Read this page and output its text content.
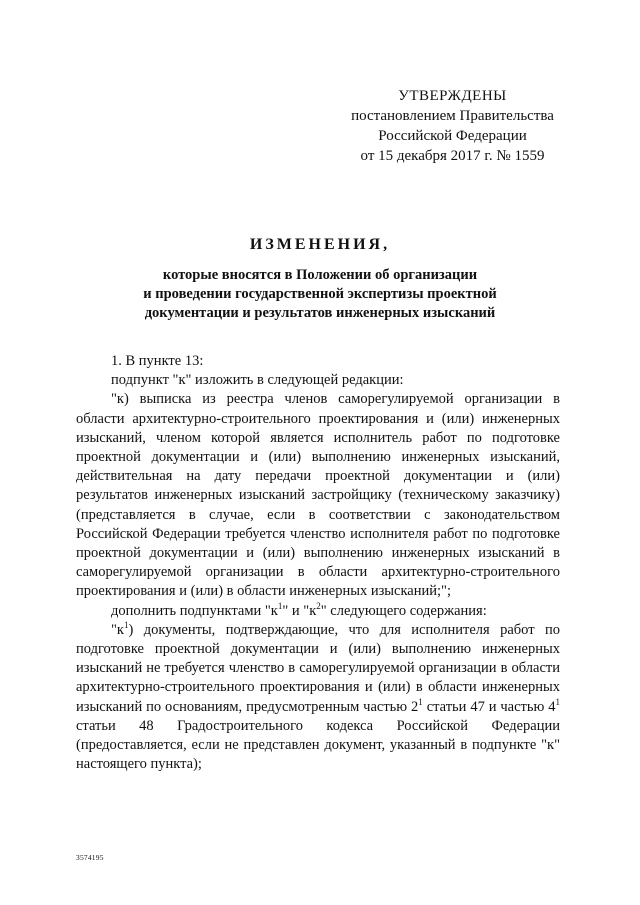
УТВЕРЖДЕНЫ
постановлением Правительства
Российской Федерации
от 15 декабря 2017 г. № 1559
ИЗМЕНЕНИЯ,
которые вносятся в Положении об организации
и проведении государственной экспертизы проектной
документации и результатов инженерных изысканий

1. В пункте 13:

подпункт "к" изложить в следующей редакции:

"к) выписка из реестра членов саморегулируемой организации в области архитектурно-строительного проектирования и (или) инженерных изысканий, членом которой является исполнитель работ по подготовке проектной документации и (или) выполнению инженерных изысканий, действительная на дату передачи проектной документации и (или) результатов инженерных изысканий застройщику (техническому заказчику) (представляется в случае, если в соответствии с законодательством Российской Федерации требуется членство исполнителя работ по подготовке проектной документации и (или) выполнению инженерных изысканий в саморегулируемой организации в области архитектурно-строительного проектирования и (или) в области инженерных изысканий;";

дополнить подпунктами "$к^1$" и "$к^2$" следующего содержания:

"$к^1$) документы, подтверждающие, что для исполнителя работ по подготовке проектной документации и (или) выполнению инженерных изысканий не требуется членство в саморегулируемой организации в области архитектурно-строительного проектирования и (или) в области инженерных изысканий по основаниям, предусмотренным частью $2^1$ статьи 47 и частью $4^1$ статьи 48 Градостроительного кодекса Российской Федерации (предоставляется, если не представлен документ, указанный в подпункте "к" настоящего пункта);

3574195
